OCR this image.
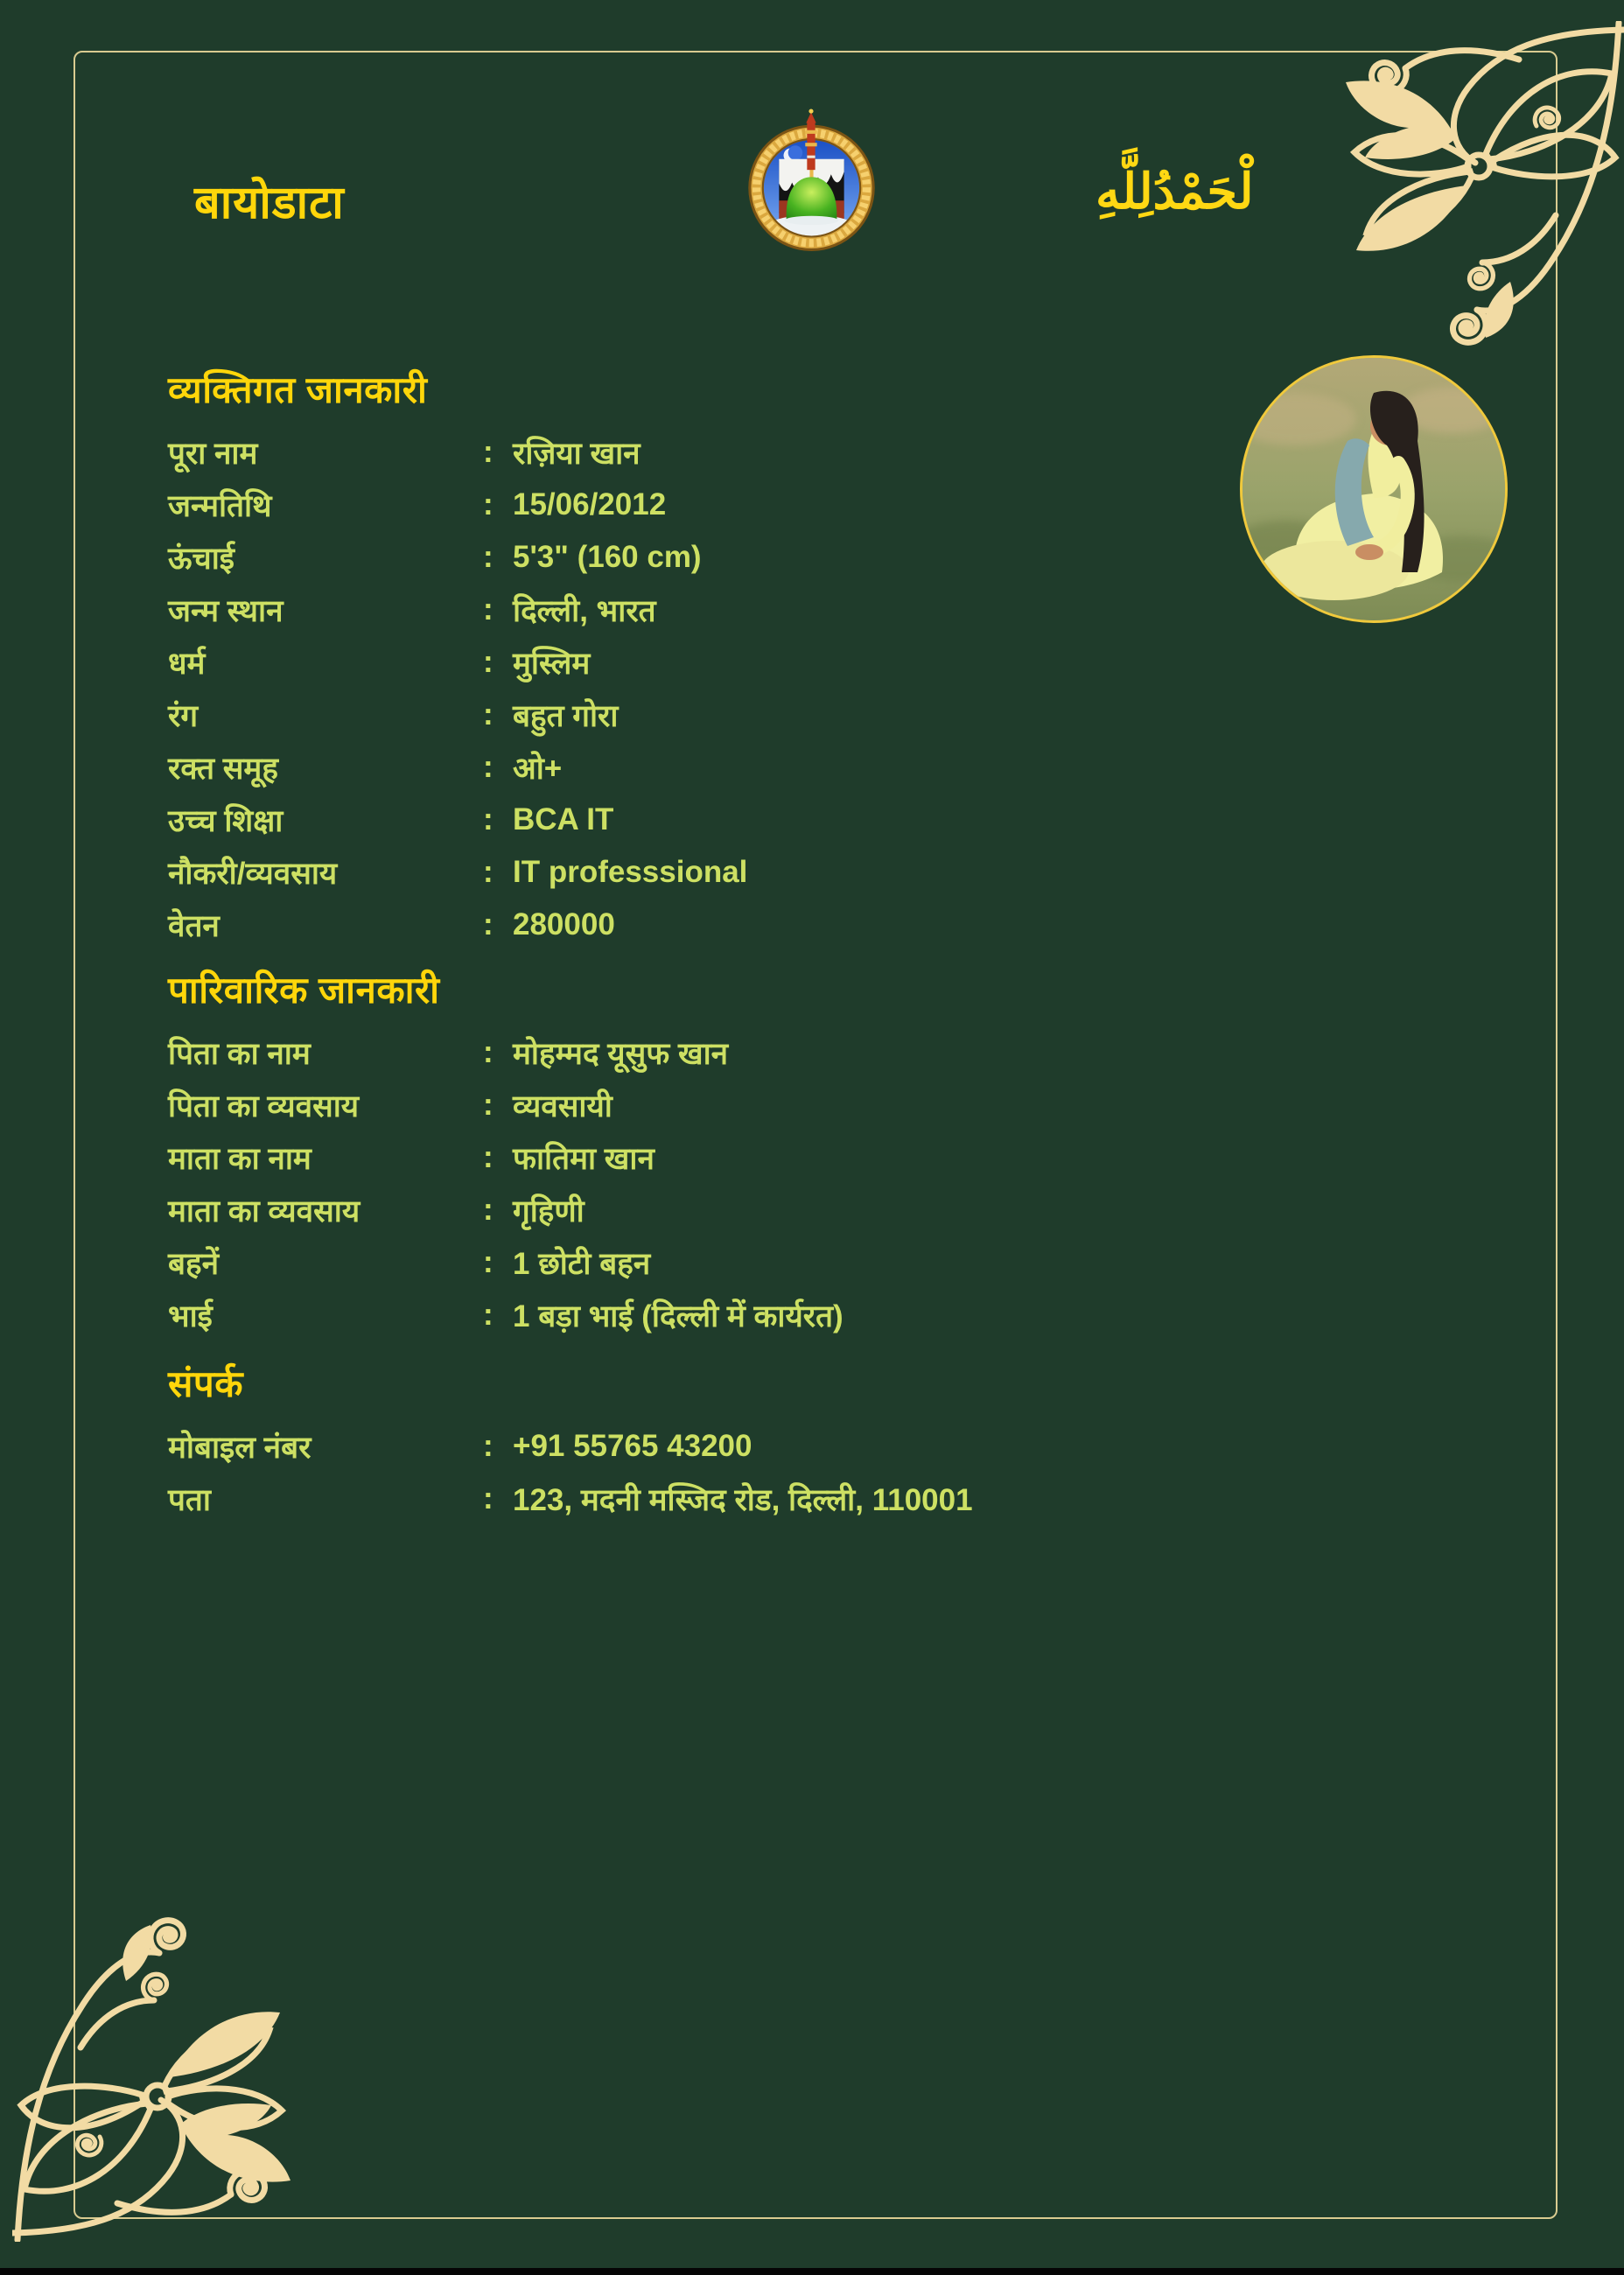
बायोडाटा	لْحَمْدُلِلَّهِ
व्यक्तिगत जानकारी
पूरा नाम	: रज़िया खान
जन्मतिथि	: 15/06/2012
ऊंचाई	: 5'3" (160 cm)
जन्म स्थान	: दिल्ली, भारत
धर्म	: मुस्लिम
रंग	: बहुत गोरा
रक्त समूह	: ओ+
उच्च शिक्षा	: BCA IT
नौकरी/व्यवसाय	: IT professsional
वेतन	: 280000
पारिवारिक जानकारी
पिता का नाम	: मोहम्मद यूसुफ खान
पिता का व्यवसाय	: व्यवसायी
माता का नाम	: फातिमा खान
माता का व्यवसाय	: गृहिणी
बहनें	: 1 छोटी बहन
भाई	: 1 बड़ा भाई (दिल्ली में कार्यरत)
संपर्क
मोबाइल नंबर	: +91 55765 43200
पता	: 123, मदनी मस्जिद रोड, दिल्ली, 110001
